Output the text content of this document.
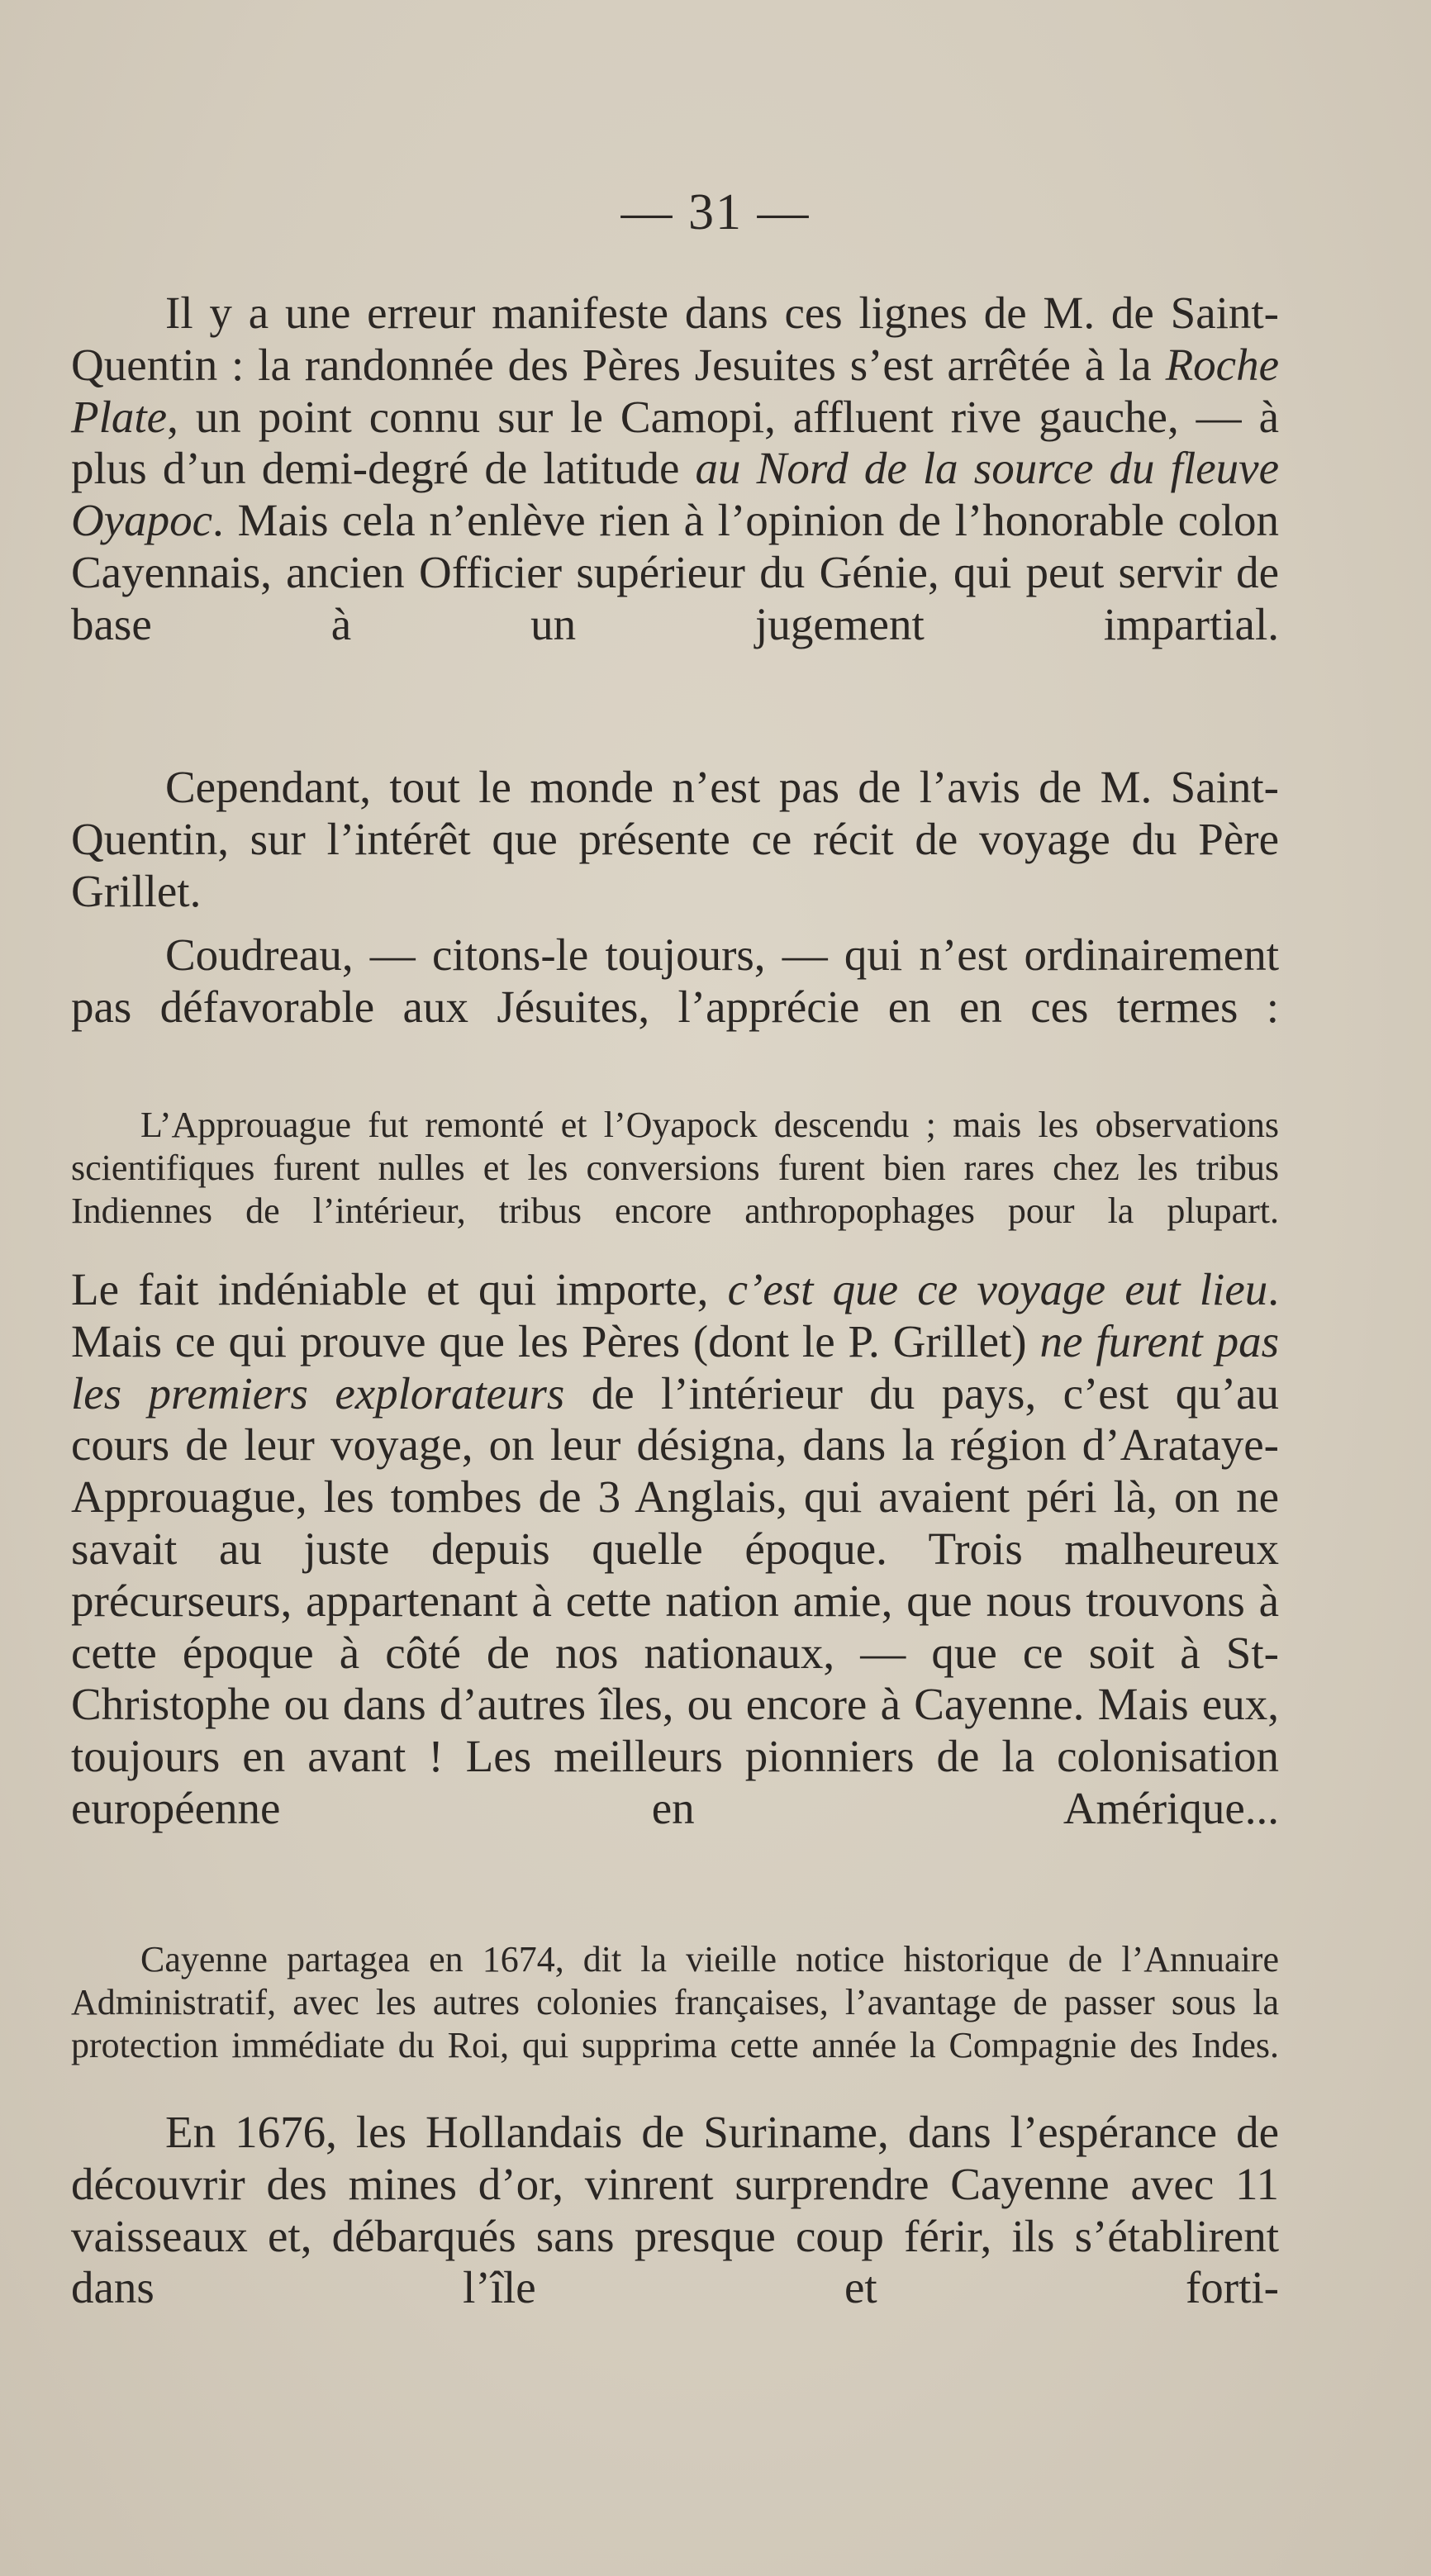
— 31 —

Il y a une erreur manifeste dans ces lignes de M. de Saint-Quentin : la randonnée des Pères Jesuites s’est arrêtée à la Roche Plate, un point connu sur le Camopi, affluent rive gauche, — à plus d’un demi-degré de latitude au Nord de la source du fleuve Oyapoc. Mais cela n’enlève rien à l’opinion de l’honorable colon Cayennais, ancien Officier supérieur du Génie, qui peut servir de base à un jugement impartial.

Cependant, tout le monde n’est pas de l’avis de M. Saint-Quentin, sur l’intérêt que présente ce récit de voyage du Père Grillet.

Coudreau, — citons-le toujours, — qui n’est ordinairement pas défavorable aux Jésuites, l’apprécie en en ces termes :

L’Approuague fut remonté et l’Oyapock descendu ; mais les observations scientifiques furent nulles et les conversions furent bien rares chez les tribus Indiennes de l’intérieur, tribus encore anthropophages pour la plupart.

Le fait indéniable et qui importe, c’est que ce voyage eut lieu. Mais ce qui prouve que les Pères (dont le P. Grillet) ne furent pas les premiers explorateurs de l’intérieur du pays, c’est qu’au cours de leur voyage, on leur désigna, dans la région d’Arataye-Approuague, les tombes de 3 Anglais, qui avaient péri là, on ne savait au juste depuis quelle époque. Trois malheureux précurseurs, appartenant à cette nation amie, que nous trouvons à cette époque à côté de nos nationaux, — que ce soit à St-Christophe ou dans d’autres îles, ou encore à Cayenne. Mais eux, toujours en avant ! Les meilleurs pionniers de la colonisation européenne en Amérique...

Cayenne partagea en 1674, dit la vieille notice historique de l’Annuaire Administratif, avec les autres colonies françaises, l’avantage de passer sous la protection immédiate du Roi, qui supprima cette année la Compagnie des Indes.

En 1676, les Hollandais de Suriname, dans l’espérance de découvrir des mines d’or, vinrent surprendre Cayenne avec 11 vaisseaux et, débarqués sans presque coup férir, ils s’établirent dans l’île et forti-
